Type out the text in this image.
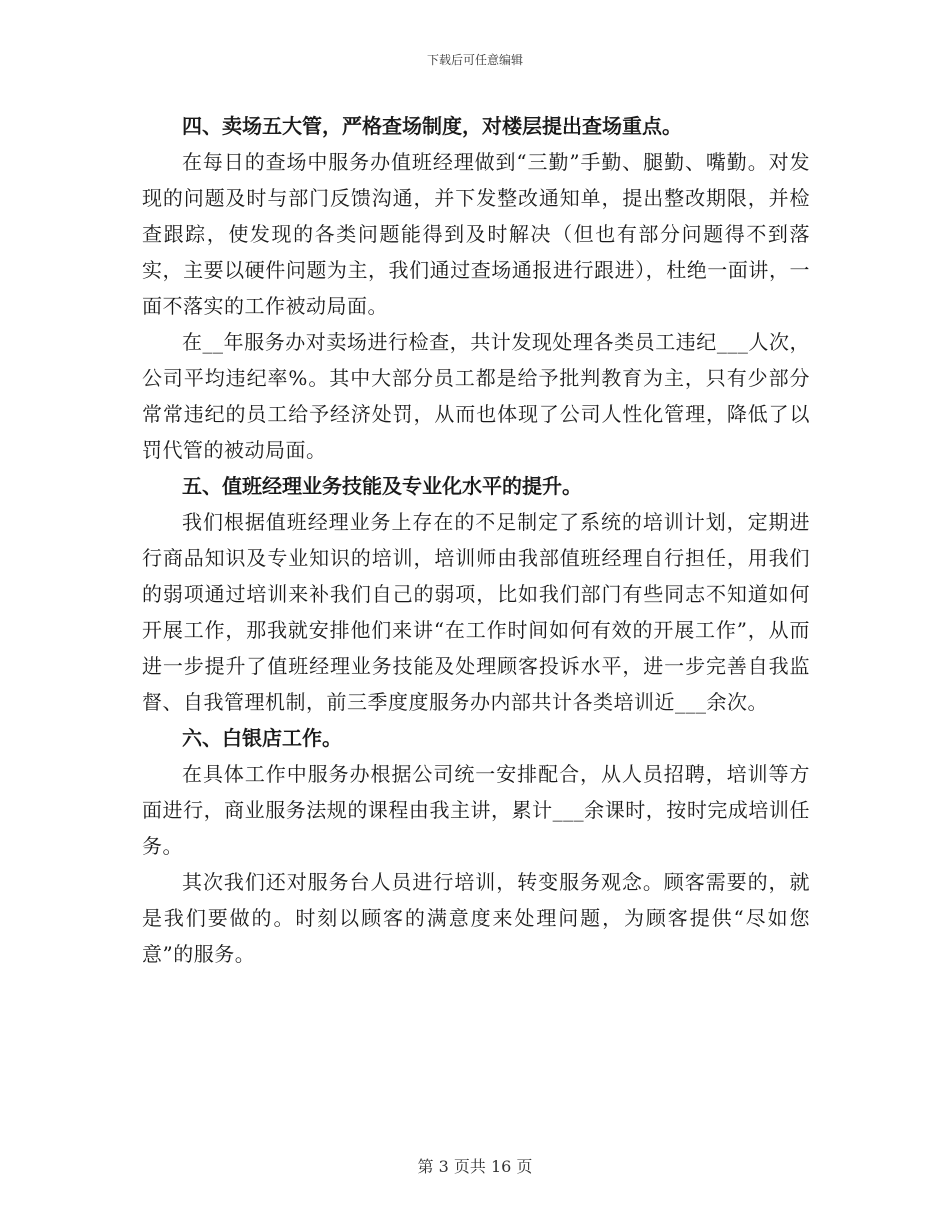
下载后可任意编辑

四、卖场五大管，严格查场制度，对楼层提出查场重点。

在每日的查场中服务办值班经理做到“三勤”手勤、腿勤、嘴勤。对发现的问题及时与部门反馈沟通，并下发整改通知单，提出整改期限，并检查跟踪，使发现的各类问题能得到及时解决（但也有部分问题得不到落实，主要以硬件问题为主，我们通过查场通报进行跟进），杜绝一面讲，一面不落实的工作被动局面。

在__年服务办对卖场进行检查，共计发现处理各类员工违纪___人次，公司平均违纪率%。其中大部分员工都是给予批判教育为主，只有少部分常常违纪的员工给予经济处罚，从而也体现了公司人性化管理，降低了以罚代管的被动局面。

五、值班经理业务技能及专业化水平的提升。

我们根据值班经理业务上存在的不足制定了系统的培训计划，定期进行商品知识及专业知识的培训，培训师由我部值班经理自行担任，用我们的弱项通过培训来补我们自己的弱项，比如我们部门有些同志不知道如何开展工作，那我就安排他们来讲“在工作时间如何有效的开展工作”，从而进一步提升了值班经理业务技能及处理顾客投诉水平，进一步完善自我监督、自我管理机制，前三季度度服务办内部共计各类培训近___余次。

六、白银店工作。

在具体工作中服务办根据公司统一安排配合，从人员招聘，培训等方面进行，商业服务法规的课程由我主讲，累计___余课时，按时完成培训任务。

其次我们还对服务台人员进行培训，转变服务观念。顾客需要的，就是我们要做的。时刻以顾客的满意度来处理问题，为顾客提供“尽如您意”的服务。

第 3 页共 16 页
